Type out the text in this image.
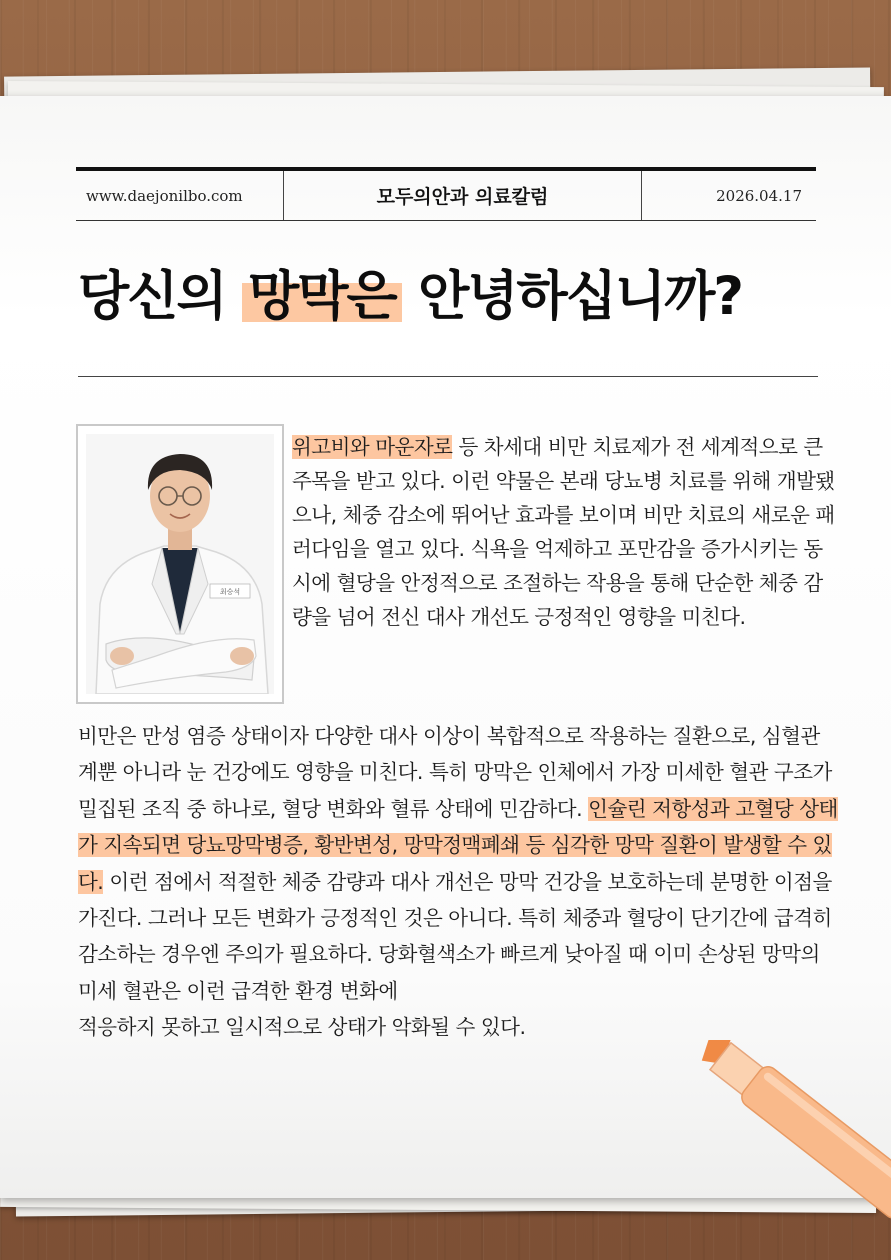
www.daejonilbo.com	모두의안과 의료칼럼	2026.04.17
당신의 망막은 안녕하십니까?
최승석

위고비와 마운자로 등 차세대 비만 치료제가 전 세계적으로 큰 주목을 받고 있다. 이런 약물은 본래 당뇨병 치료를 위해 개발됐으나, 체중 감소에 뛰어난 효과를 보이며 비만 치료의 새로운 패러다임을 열고 있다. 식욕을 억제하고 포만감을 증가시키는 동시에 혈당을 안정적으로 조절하는 작용을 통해 단순한 체중 감량을 넘어 전신 대사 개선도 긍정적인 영향을 미친다.

비만은 만성 염증 상태이자 다양한 대사 이상이 복합적으로 작용하는 질환으로, 심혈관계뿐 아니라 눈 건강에도 영향을 미친다. 특히 망막은 인체에서 가장 미세한 혈관 구조가 밀집된 조직 중 하나로, 혈당 변화와 혈류 상태에 민감하다. 인슐린 저항성과 고혈당 상태가 지속되면 당뇨망막병증, 황반변성, 망막정맥폐쇄 등 심각한 망막 질환이 발생할 수 있다. 이런 점에서 적절한 체중 감량과 대사 개선은 망막 건강을 보호하는데 분명한 이점을 가진다. 그러나 모든 변화가 긍정적인 것은 아니다. 특히 체중과 혈당이 단기간에 급격히 감소하는 경우엔 주의가 필요하다. 당화혈색소가 빠르게 낮아질 때 이미 손상된 망막의 미세 혈관은 이런 급격한 환경 변화에
적응하지 못하고 일시적으로 상태가 악화될 수 있다.
